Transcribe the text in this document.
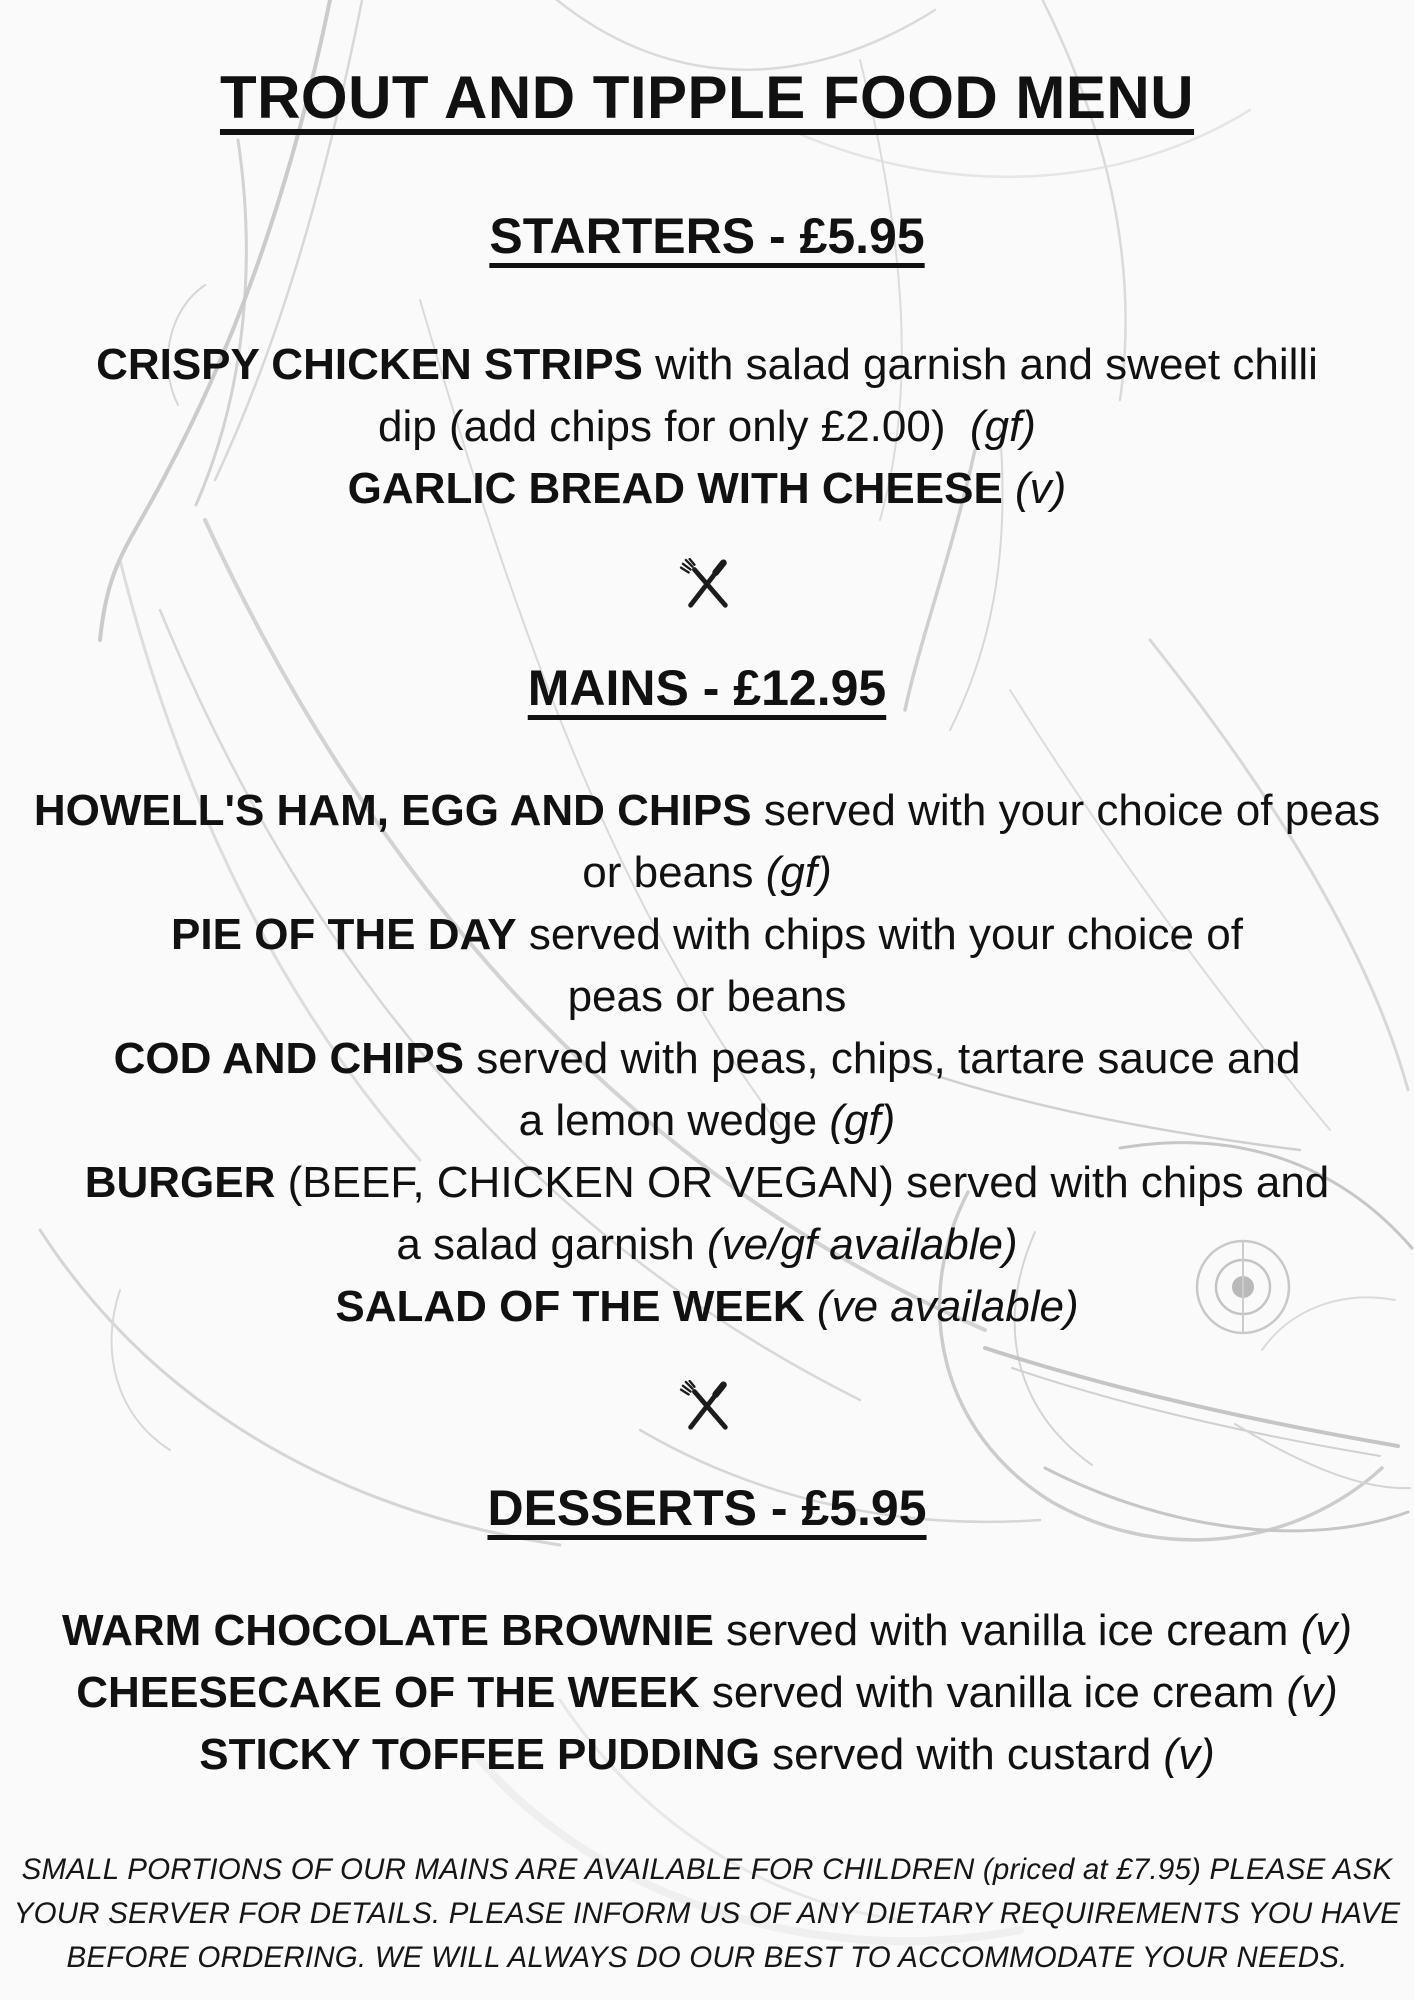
TROUT AND TIPPLE FOOD MENU
STARTERS - £5.95
CRISPY CHICKEN STRIPS with salad garnish and sweet chilli
dip (add chips for only £2.00)  (gf)
GARLIC BREAD WITH CHEESE (v)
MAINS - £12.95
HOWELL'S HAM, EGG AND CHIPS served with your choice of peas
or beans (gf)
PIE OF THE DAY served with chips with your choice of
peas or beans
COD AND CHIPS served with peas, chips, tartare sauce and
a lemon wedge (gf)
BURGER (BEEF, CHICKEN OR VEGAN) served with chips and
a salad garnish (ve/gf available)
SALAD OF THE WEEK (ve available)
DESSERTS - £5.95
WARM CHOCOLATE BROWNIE served with vanilla ice cream (v)
CHEESECAKE OF THE WEEK served with vanilla ice cream (v)
STICKY TOFFEE PUDDING served with custard (v)
SMALL PORTIONS OF OUR MAINS ARE AVAILABLE FOR CHILDREN (priced at £7.95) PLEASE ASK
YOUR SERVER FOR DETAILS. PLEASE INFORM US OF ANY DIETARY REQUIREMENTS YOU HAVE
BEFORE ORDERING. WE WILL ALWAYS DO OUR BEST TO ACCOMMODATE YOUR NEEDS.
